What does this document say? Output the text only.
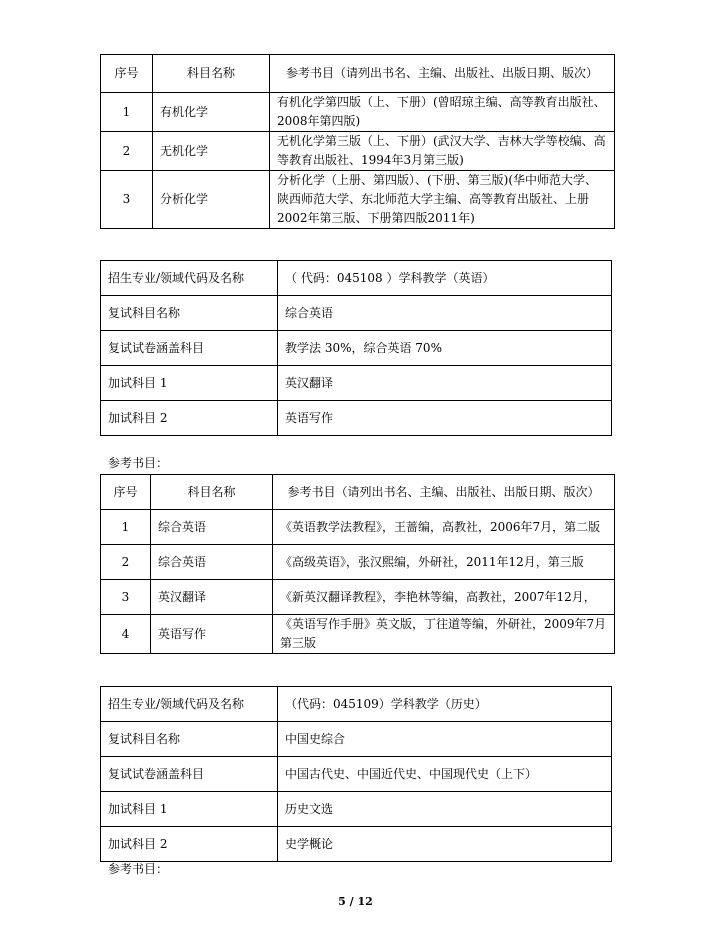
序号	科目名称	参考书目（请列出书名、主编、出版社、出版日期、版次）
1	有机化学	有机化学第四版（上、下册）(曾昭琼主编、高等教育出版社、2008年第四版)
2	无机化学	无机化学第三版（上、下册）(武汉大学、吉林大学等校编、高等教育出版社、1994年3月第三版)
3	分析化学	分析化学（上册、第四版）、(下册、第三版)(华中师范大学、陕西师范大学、东北师范大学主编、高等教育出版社、上册2002年第三版、下册第四版2011年)
招生专业/领域代码及名称	（ 代码：045108 ）学科教学（英语）
复试科目名称	综合英语
复试试卷涵盖科目	教学法 30%，综合英语 70%
加试科目 1	英汉翻译
加试科目 2	英语写作
参考书目：
序号	科目名称	参考书目（请列出书名、主编、出版社、出版日期、版次）
1	综合英语	《英语教学法教程》，王蔷编，高教社，2006年7月，第二版
2	综合英语	《高级英语》，张汉熙编，外研社，2011年12月，第三版
3	英汉翻译	《新英汉翻译教程》，李艳林等编，高教社，2007年12月，
4	英语写作	《英语写作手册》英文版，丁往道等编，外研社，2009年7月第三版
招生专业/领域代码及名称	（代码：045109）学科教学（历史）
复试科目名称	中国史综合
复试试卷涵盖科目	中国古代史、中国近代史、中国现代史（上下）
加试科目 1	历史文选
加试科目 2	史学概论
参考书目：
5 / 12
